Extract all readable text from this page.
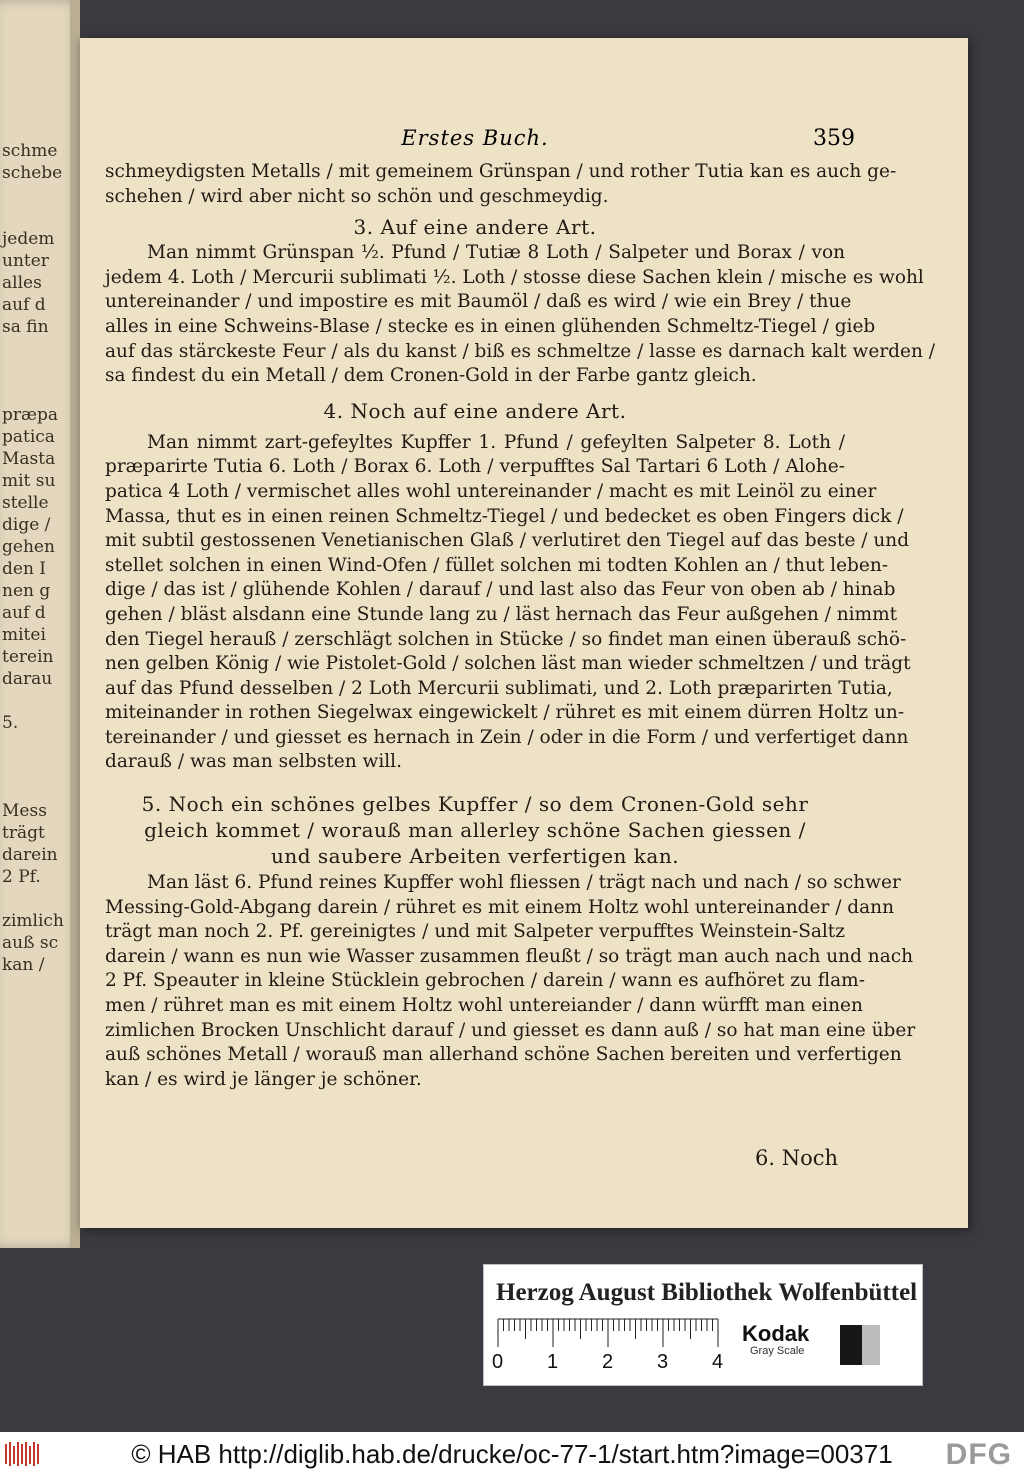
schme
schebe
jedem
unter
alles
auf d
sa fin
præpa
patica
Masta
mit su
stelle
dige /
gehen
den I
nen g
auf d
mitei
terein
darau
5.
Mess
trägt
darein
2 Pf.
zimlich
auß sc
kan /
Erstes Buch.	359
schmeydigsten Metalls / mit gemeinem Grünspan / und rother Tutia kan es auch ge-
schehen / wird aber nicht so schön und geschmeydig.
3. Auf eine andere Art.
Man nimmt Grünspan ½. Pfund / Tutiæ 8 Loth / Salpeter und Borax / von
jedem 4. Loth / Mercurii sublimati ½. Loth / stosse diese Sachen klein / mische es wohl
untereinander / und impostire es mit Baumöl / daß es wird / wie ein Brey / thue
alles in eine Schweins-Blase / stecke es in einen glühenden Schmeltz-Tiegel / gieb
auf das stärckeste Feur / als du kanst / biß es schmeltze / lasse es darnach kalt werden /
sa findest du ein Metall / dem Cronen-Gold in der Farbe gantz gleich.
4. Noch auf eine andere Art.
Man nimmt zart-gefeyltes Kupffer 1. Pfund / gefeylten Salpeter 8. Loth /
præparirte Tutia 6. Loth / Borax 6. Loth / verpufftes Sal Tartari 6 Loth / Alohe-
patica 4 Loth / vermischet alles wohl untereinander / macht es mit Leinöl zu einer
Massa, thut es in einen reinen Schmeltz-Tiegel / und bedecket es oben Fingers dick /
mit subtil gestossenen Venetianischen Glaß / verlutiret den Tiegel auf das beste / und
stellet solchen in einen Wind-Ofen / füllet solchen mi todten Kohlen an / thut leben-
dige / das ist / glühende Kohlen / darauf / und last also das Feur von oben ab / hinab
gehen / bläst alsdann eine Stunde lang zu / läst hernach das Feur außgehen / nimmt
den Tiegel herauß / zerschlägt solchen in Stücke / so findet man einen überauß schö-
nen gelben König / wie Pistolet-Gold / solchen läst man wieder schmeltzen / und trägt
auf das Pfund desselben / 2 Loth Mercurii sublimati, und 2. Loth præparirten Tutia,
miteinander in rothen Siegelwax eingewickelt / rühret es mit einem dürren Holtz un-
tereinander / und giesset es hernach in Zein / oder in die Form / und verfertiget dann
darauß / was man selbsten will.
5. Noch ein schönes gelbes Kupffer / so dem Cronen-Gold sehr
gleich kommet / worauß man allerley schöne Sachen giessen /
und saubere Arbeiten verfertigen kan.
Man läst 6. Pfund reines Kupffer wohl fliessen / trägt nach und nach / so schwer
Messing-Gold-Abgang darein / rühret es mit einem Holtz wohl untereinander / dann
trägt man noch 2. Pf. gereinigtes / und mit Salpeter verpufftes Weinstein-Saltz
darein / wann es nun wie Wasser zusammen fleußt / so trägt man auch nach und nach
2 Pf. Speauter in kleine Stücklein gebrochen / darein / wann es aufhöret zu flam-
men / rühret man es mit einem Holtz wohl untereiander / dann würfft man einen
zimlichen Brocken Unschlicht darauf / und giesset es dann auß / so hat man eine über
auß schönes Metall / worauß man allerhand schöne Sachen bereiten und verfertigen
kan / es wird je länger je schöner.
6. Noch
Herzog August Bibliothek Wolfenbüttel
0 1 2 3 4
Kodak
Gray Scale
© HAB http://diglib.hab.de/drucke/oc-77-1/start.htm?image=00371	DFG
